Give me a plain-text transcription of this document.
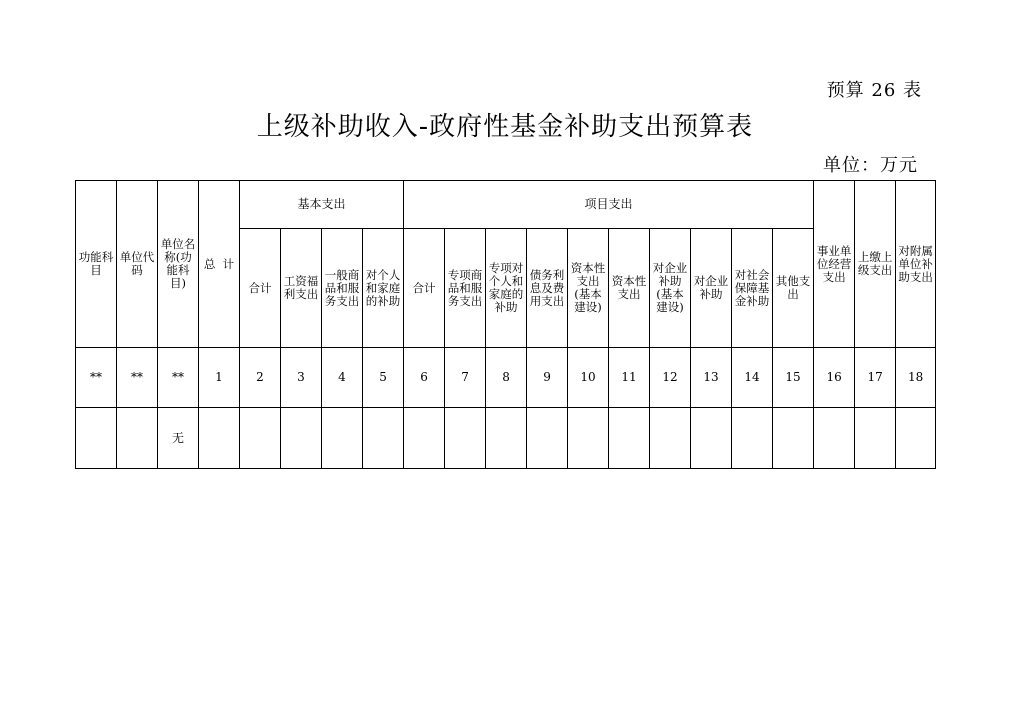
预算 26 表
上级补助收入-政府性基金补助支出预算表
单位：万元
功能科目	单位代码	单位名称(功能科目)	总  计	基本支出				项目支出										事业单位经营支出	上缴上级支出	对附属单位补助支出
				合计	工资福利支出	一般商品和服务支出	对个人和家庭的补助	合计	专项商品和服务支出	专项对个人和家庭的补助	债务利息及费用支出	资本性支出(基本建设)	资本性支出	对企业补助(基本建设)	对企业补助	对社会保障基金补助	其他支出			
**	**	**	1	2	3	4	5	6	7	8	9	10	11	12	13	14	15	16	17	18
		无																		
